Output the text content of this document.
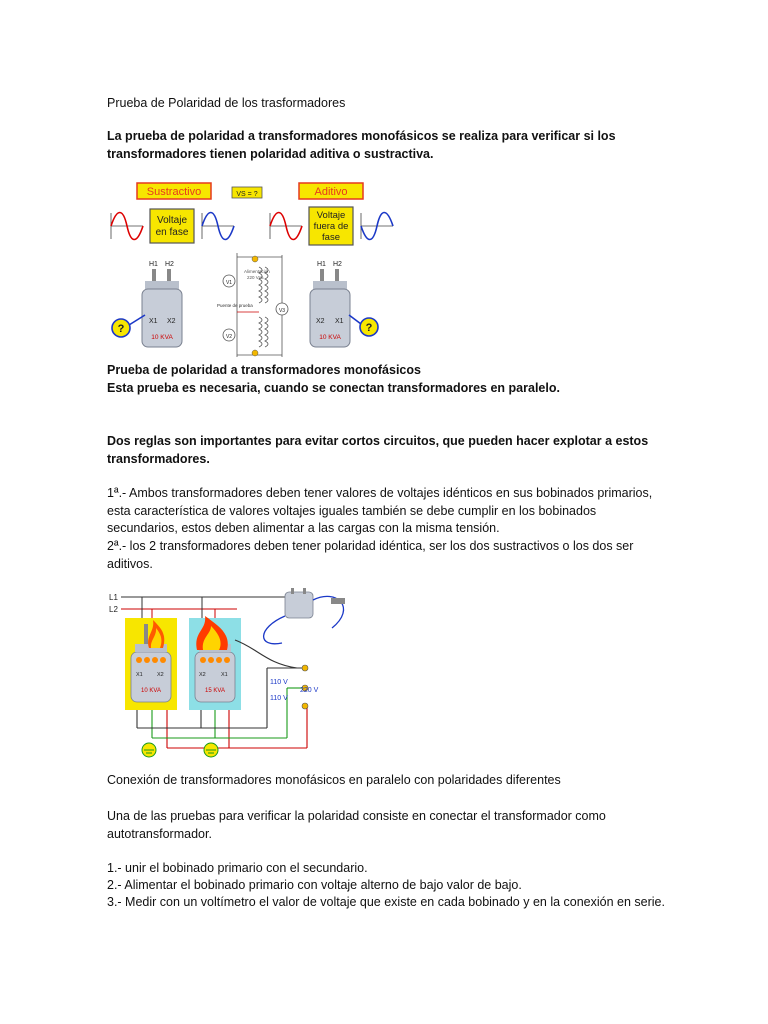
Prueba de Polaridad de los trasformadores

La prueba de polaridad a transformadores monofásicos se realiza para verificar si los transformadores tienen polaridad aditiva o sustractiva.

Sustractivo	VS = ?	Aditivo
Voltaje
en fase
Voltaje
fuera de
fase
H1 H2
X1 X2
10 KVA
?
V1
V2
V3
Alimentación
220 Vca
Puente de prueba
H1 H2
X2 X1
10 KVA
?

Prueba de polaridad a transformadores monofásicos

Esta prueba es necesaria, cuando se conectan transformadores en paralelo.

Dos reglas son importantes para evitar cortos circuitos, que pueden hacer explotar a estos transformadores.

1ª.- Ambos transformadores deben tener valores de voltajes idénticos en sus bobinados primarios, esta característica de valores voltajes iguales también se debe cumplir en los bobinados secundarios, estos deben alimentar a las cargas con la misma tensión.

2ª.- los 2 transformadores deben tener polaridad idéntica, ser los dos sustractivos o los dos ser aditivos.

L1
L2
X1	X2
10 KVA
X2	X1
15 KVA
110 V
220 V
110 V

Conexión de transformadores monofásicos en paralelo con polaridades diferentes

Una de las pruebas para verificar la polaridad consiste en conectar el transformador como autotransformador.

1.- unir el bobinado primario con el secundario.

2.- Alimentar el bobinado primario con voltaje alterno de bajo valor de bajo.

3.- Medir con un voltímetro el valor de voltaje que existe en cada bobinado y en la conexión en serie.
